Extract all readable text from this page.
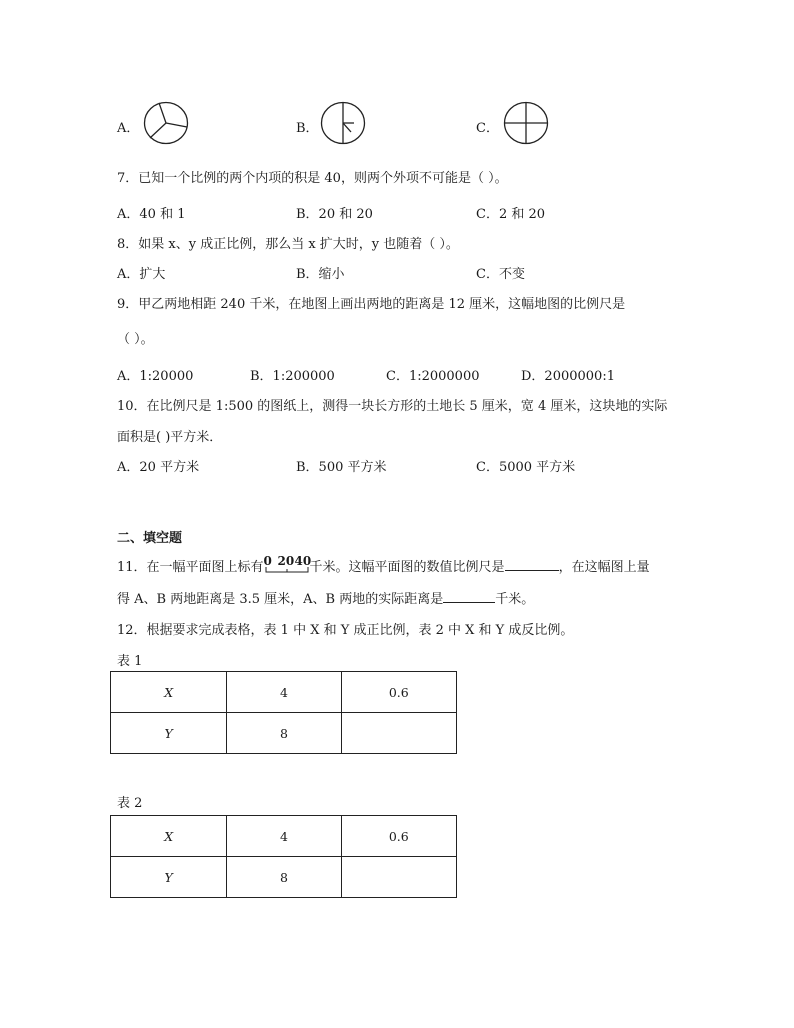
A．	B．	C．
7．已知一个比例的两个内项的积是 40，则两个外项不可能是（ ）。
A．40 和 1	B．20 和 20	C．2 和 20
8．如果 x、y 成正比例，那么当 x 扩大时，y 也随着（ ）。
A．扩大	B．缩小	C．不变
9．甲乙两地相距 240 千米，在地图上画出两地的距离是 12 厘米，这幅地图的比例尺是
（ ）。
A．1:20000	B．1:200000	C．1:2000000	D．2000000:1
10．在比例尺是 1:500 的图纸上，测得一块长方形的土地长 5 厘米，宽 4 厘米，这块地的实际
面积是( )平方米．
A．20 平方米	B．500 平方米	C．5000 平方米
二、填空题
11．在一幅平面图上标有 0 20 40
千米。这幅平面图的数值比例尺是	，在这幅图上量
得 A、B 两地距离是 3.5 厘米，A、B 两地的实际距离是	千米。
12．根据要求完成表格，表 1 中 X 和 Y 成正比例，表 2 中 X 和 Y 成反比例。
表 1
X	4	0.6
Y	8	
表 2
X	4	0.6
Y	8	
